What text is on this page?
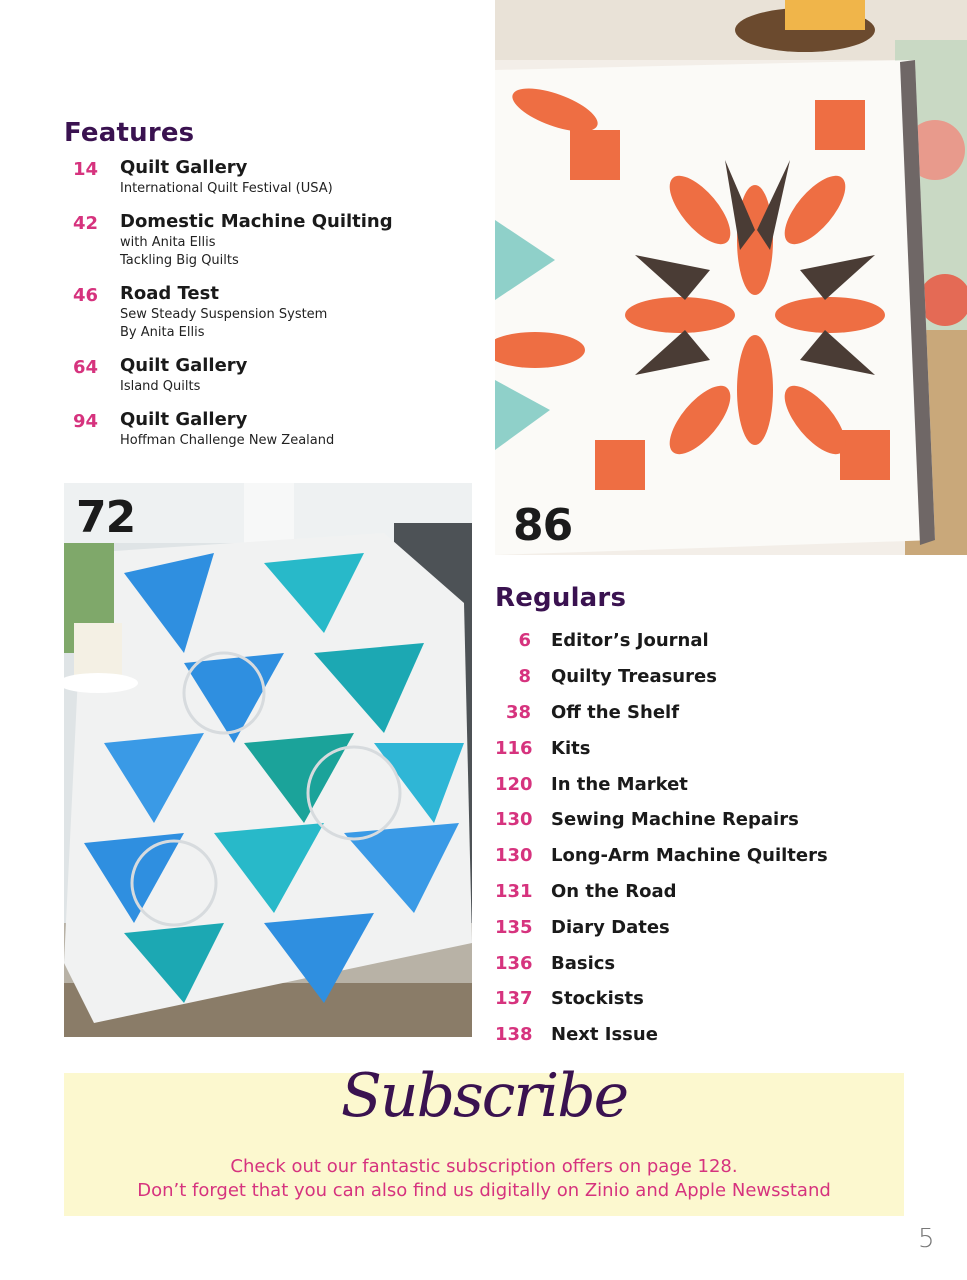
Features
14	Quilt Gallery
International Quilt Festival (USA)
42	Domestic Machine Quilting
with Anita Ellis
Tackling Big Quilts
46	Road Test
Sew Steady Suspension System
By Anita Ellis
64	Quilt Gallery
Island Quilts
94	Quilt Gallery
Hoffman Challenge New Zealand
72	86
Regulars
6 Editor’s Journal
8 Quilty Treasures
38 Off the Shelf
116 Kits
120 In the Market
130 Sewing Machine Repairs
130 Long-Arm Machine Quilters
131 On the Road
135 Diary Dates
136 Basics
137 Stockists
138 Next Issue
Subscribe
Check out our fantastic subscription offers on page 128.
Don’t forget that you can also find us digitally on Zinio and Apple Newsstand
5
